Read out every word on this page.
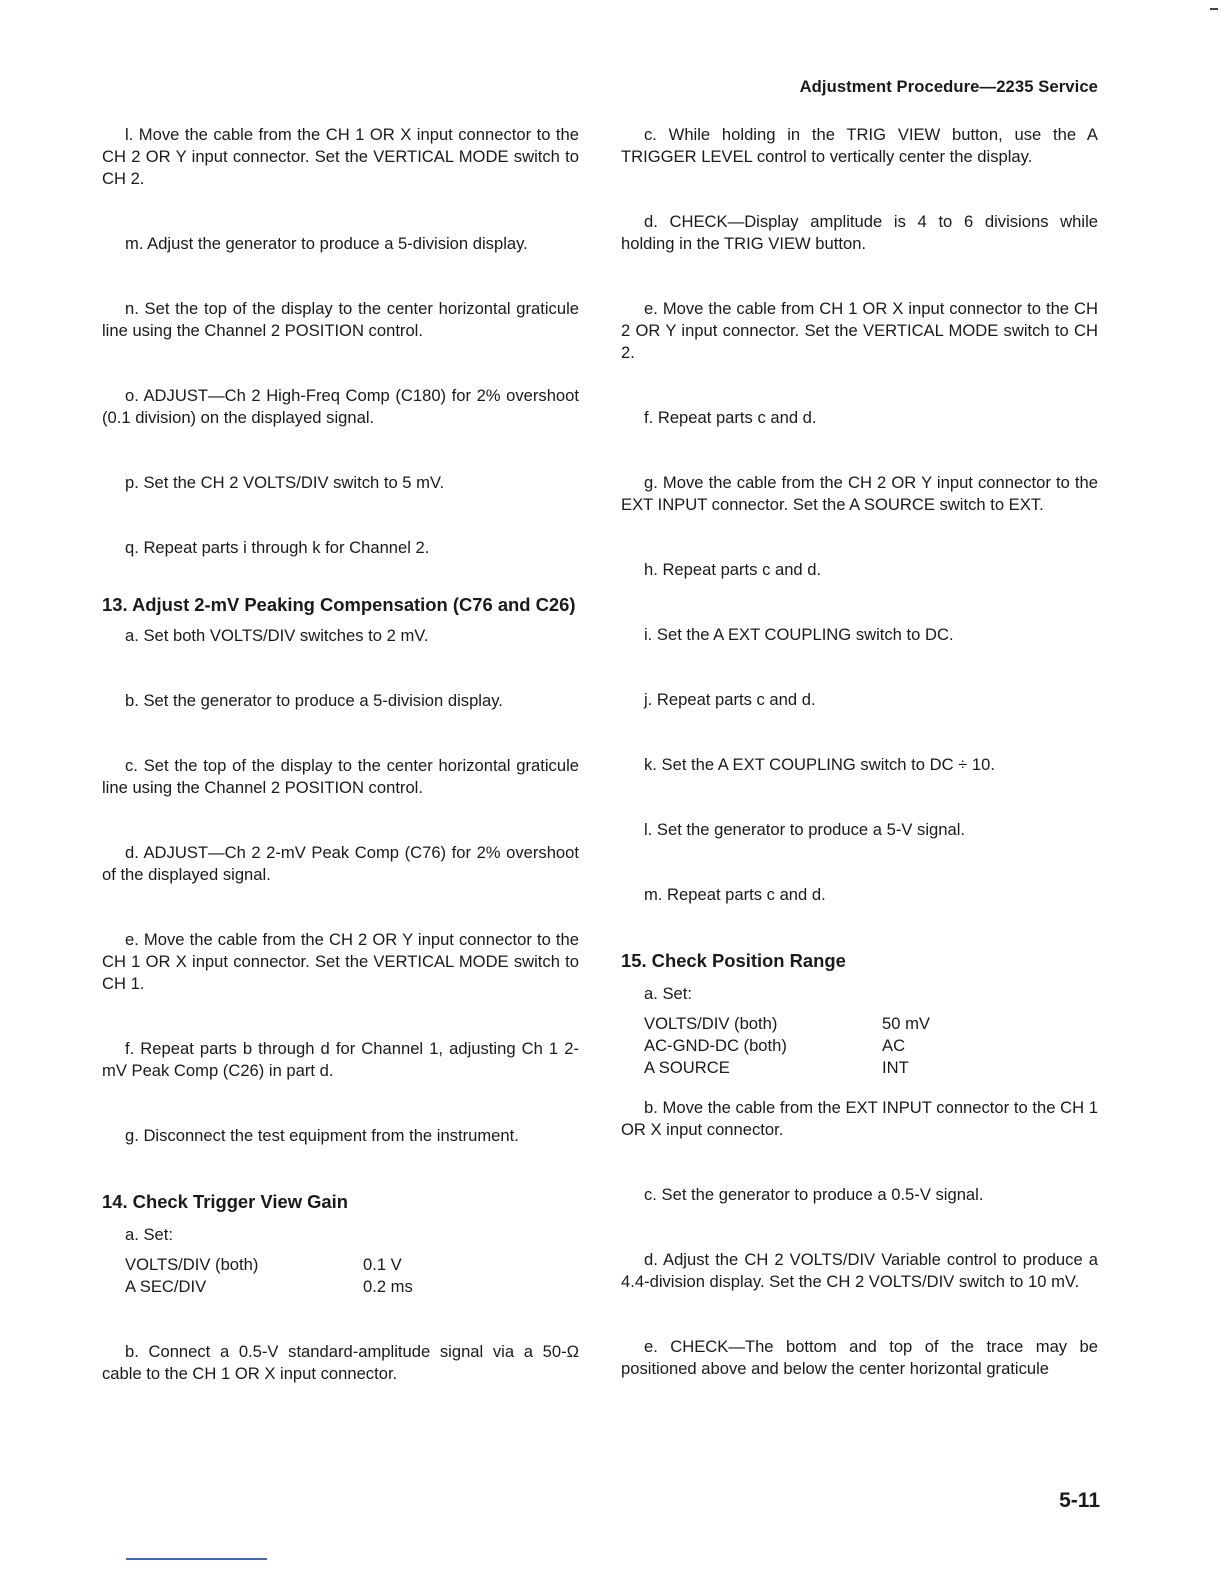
Adjustment Procedure—2235 Service

l. Move the cable from the CH 1 OR X input connector to the CH 2 OR Y input connector. Set the VERTICAL MODE switch to CH 2.

m. Adjust the generator to produce a 5-division display.

n. Set the top of the display to the center horizontal graticule line using the Channel 2 POSITION control.

o. ADJUST—Ch 2 High-Freq Comp (C180) for 2% overshoot (0.1 division) on the displayed signal.

p. Set the CH 2 VOLTS/DIV switch to 5 mV.

q. Repeat parts i through k for Channel 2.

13. Adjust 2-mV Peaking Compensation (C76 and C26)

a. Set both VOLTS/DIV switches to 2 mV.

b. Set the generator to produce a 5-division display.

c. Set the top of the display to the center horizontal graticule line using the Channel 2 POSITION control.

d. ADJUST—Ch 2 2-mV Peak Comp (C76) for 2% overshoot of the displayed signal.

e. Move the cable from the CH 2 OR Y input connector to the CH 1 OR X input connector. Set the VERTICAL MODE switch to CH 1.

f. Repeat parts b through d for Channel 1, adjusting Ch 1 2-mV Peak Comp (C26) in part d.

g. Disconnect the test equipment from the instrument.

14. Check Trigger View Gain

a. Set:

VOLTS/DIV (both)	0.1 V
A SEC/DIV	0.2 ms

b. Connect a 0.5-V standard-amplitude signal via a 50-Ω cable to the CH 1 OR X input connector.

c. While holding in the TRIG VIEW button, use the A TRIGGER LEVEL control to vertically center the display.

d. CHECK—Display amplitude is 4 to 6 divisions while holding in the TRIG VIEW button.

e. Move the cable from CH 1 OR X input connector to the CH 2 OR Y input connector. Set the VERTICAL MODE switch to CH 2.

f. Repeat parts c and d.

g. Move the cable from the CH 2 OR Y input connector to the EXT INPUT connector. Set the A SOURCE switch to EXT.

h. Repeat parts c and d.

i. Set the A EXT COUPLING switch to DC.

j. Repeat parts c and d.

k. Set the A EXT COUPLING switch to DC ÷ 10.

l. Set the generator to produce a 5-V signal.

m. Repeat parts c and d.

15. Check Position Range

a. Set:

VOLTS/DIV (both)	50 mV
AC-GND-DC (both)	AC
A SOURCE	INT

b. Move the cable from the EXT INPUT connector to the CH 1 OR X input connector.

c. Set the generator to produce a 0.5-V signal.

d. Adjust the CH 2 VOLTS/DIV Variable control to produce a 4.4-division display. Set the CH 2 VOLTS/DIV switch to 10 mV.

e. CHECK—The bottom and top of the trace may be positioned above and below the center horizontal graticule

5-11
